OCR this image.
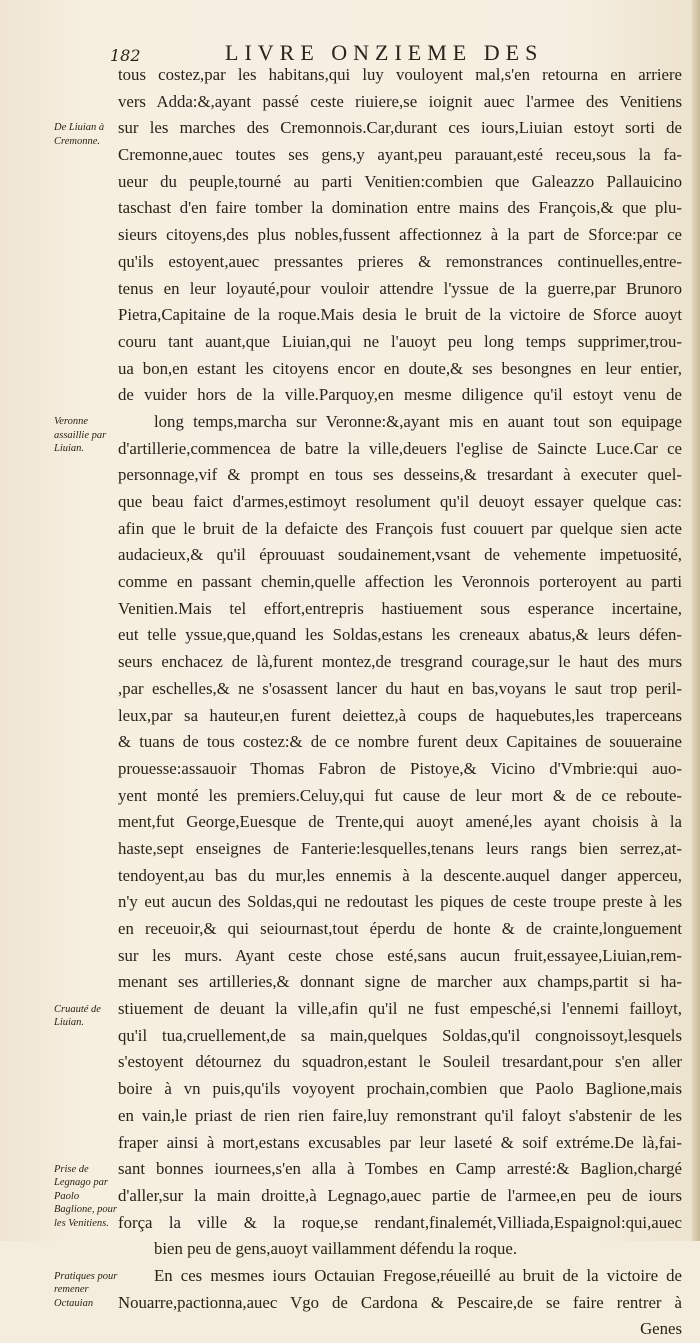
182	LIVRE ONZIEME DES
De Liuian à Cremonne.
Veronne assaillie par Liuian.
Cruauté de Liuian.
Prise de Legnago par Paolo Baglione, pour les Venitiens.
Pratiques pour remener Octauian
tous costez,par les habitans,qui luy vouloyent mal,s'en retourna en arriere
vers Adda:&,ayant passé ceste riuiere,se ioignit auec l'armee des Venitiens
sur les marches des Cremonnois.Car,durant ces iours,Liuian estoyt sorti de
Cremonne,auec toutes ses gens,y ayant,peu parauant,esté receu,sous la fa-
ueur du peuple,tourné au parti Venitien:combien que Galeazzo Pallauicino
taschast d'en faire tomber la domination entre mains des François,& que plu-
sieurs citoyens,des plus nobles,fussent affectionnez à la part de Sforce:par ce
qu'ils estoyent,auec pressantes prieres & remonstrances continuelles,entre-
tenus en leur loyauté,pour vouloir attendre l'yssue de la guerre,par Brunoro
Pietra,Capitaine de la roque.Mais desia le bruit de la victoire de Sforce auoyt
couru tant auant,que Liuian,qui ne l'auoyt peu long temps supprimer,trou-
ua bon,en estant les citoyens encor en doute,& ses besongnes en leur entier,
de vuider hors de la ville.Parquoy,en mesme diligence qu'il estoyt venu de
long temps,marcha sur Veronne:&,ayant mis en auant tout son equipage
d'artillerie,commencea de batre la ville,deuers l'eglise de Saincte Luce.Car ce
personnage,vif & prompt en tous ses desseins,& tresardant à executer quel-
que beau faict d'armes,estimoyt resolument qu'il deuoyt essayer quelque cas:
afin que le bruit de la defaicte des François fust couuert par quelque sien acte
audacieux,& qu'il éprouuast soudainement,vsant de vehemente impetuosité,
comme en passant chemin,quelle affection les Veronnois porteroyent au parti
Venitien.Mais tel effort,entrepris hastiuement sous esperance incertaine,
eut telle yssue,que,quand les Soldas,estans les creneaux abatus,& leurs défen-
seurs enchacez de là,furent montez,de tresgrand courage,sur le haut des murs
,par eschelles,& ne s'osassent lancer du haut en bas,voyans le saut trop peril-
leux,par sa hauteur,en furent deiettez,à coups de haquebutes,les traperceans
& tuans de tous costez:& de ce nombre furent deux Capitaines de souueraine
prouesse:assauoir Thomas Fabron de Pistoye,& Vicino d'Vmbrie:qui auo-
yent monté les premiers.Celuy,qui fut cause de leur mort & de ce reboute-
ment,fut George,Euesque de Trente,qui auoyt amené,les ayant choisis à la
haste,sept enseignes de Fanterie:lesquelles,tenans leurs rangs bien serrez,at-
tendoyent,au bas du mur,les ennemis à la descente.auquel danger apperceu,
n'y eut aucun des Soldas,qui ne redoutast les piques de ceste troupe preste à les
en receuoir,& qui seiournast,tout éperdu de honte & de crainte,longuement
sur les murs. Ayant ceste chose esté,sans aucun fruit,essayee,Liuian,rem-
menant ses artilleries,& donnant signe de marcher aux champs,partit si ha-
stiuement de deuant la ville,afin qu'il ne fust empesché,si l'ennemi failloyt,
qu'il tua,cruellement,de sa main,quelques Soldas,qu'il congnoissoyt,lesquels
s'estoyent détournez du squadron,estant le Souleil tresardant,pour s'en aller
boire à vn puis,qu'ils voyoyent prochain,combien que Paolo Baglione,mais
en vain,le priast de rien rien faire,luy remonstrant qu'il faloyt s'abstenir de les
fraper ainsi à mort,estans excusables par leur laseté & soif extréme.De là,fai-
sant bonnes iournees,s'en alla à Tombes en Camp arresté:& Baglion,chargé
d'aller,sur la main droitte,à Legnago,auec partie de l'armee,en peu de iours
força la ville & la roque,se rendant,finalemét,Villiada,Espaignol:qui,auec
bien peu de gens,auoyt vaillamment défendu la roque.
En ces mesmes iours Octauian Fregose,réueillé au bruit de la victoire de
Nouarre,pactionna,auec Vgo de Cardona & Pescaire,de se faire rentrer à
Genes
